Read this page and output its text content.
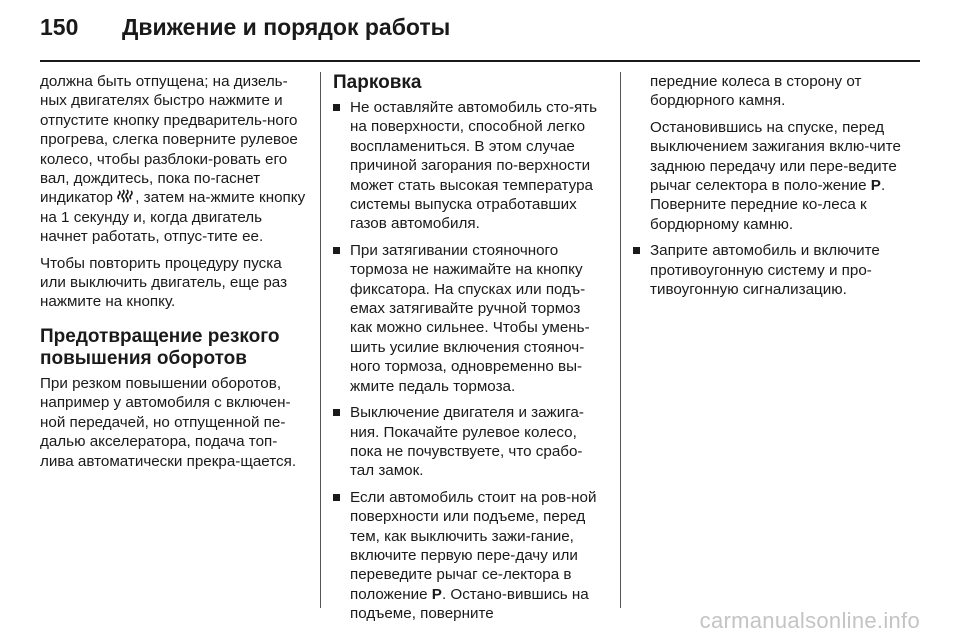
150	Движение и порядок работы

должна быть отпущена; на дизель-ных двигателях быстро нажмите и отпустите кнопку предваритель-ного прогрева, слегка поверните рулевое колесо, чтобы разблоки-ровать его вал, дождитесь, пока по-гаснет индикатор , затем на-жмите кнопку на 1 секунду и, когда двигатель начнет работать, отпус-тите ее.

Чтобы повторить процедуру пуска или выключить двигатель, еще раз нажмите на кнопку.

Предотвращение резкого повышения оборотов

При резком повышении оборотов, например у автомобиля с включен-ной передачей, но отпущенной пе-далью акселератора, подача топ-лива автоматически прекра-щается.

Парковка
Не оставляйте автомобиль сто-ять на поверхности, способной легко воспламениться. В этом случае причиной загорания по-верхности может стать высокая температура системы выпуска отработавших газов автомобиля.
При затягивании стояночного тормоза не нажимайте на кнопку фиксатора. На спусках или подъ-емах затягивайте ручной тормоз как можно сильнее. Чтобы умень-шить усилие включения стояноч-ного тормоза, одновременно вы-жмите педаль тормоза.
Выключение двигателя и зажига-ния. Покачайте рулевое колесо, пока не почувствуете, что срабо-тал замок.
Если автомобиль стоит на ров-ной поверхности или подъеме, перед тем, как выключить зажи-гание, включите первую пере-дачу или переведите рычаг се-лектора в положение P. Остано-вившись на подъеме, поверните

передние колеса в сторону от бордюрного камня.

Остановившись на спуске, перед выключением зажигания вклю-чите заднюю передачу или пере-ведите рычаг селектора в поло-жение P. Поверните передние ко-леса к бордюрному камню.

Заприте автомобиль и включите противоугонную систему и про-тивоугонную сигнализацию.
carmanualsonline.info
